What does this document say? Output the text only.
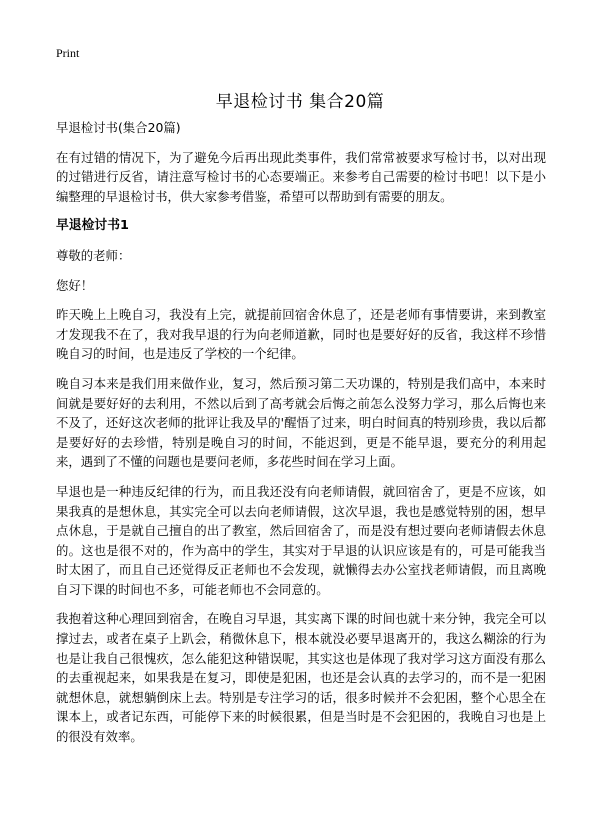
Print
早退检讨书 集合20篇

早退检讨书(集合20篇)

在有过错的情况下，为了避免今后再出现此类事件，我们常常被要求写检讨书，以对出现的过错进行反省，请注意写检讨书的心态要端正。来参考自己需要的检讨书吧！以下是小编整理的早退检讨书，供大家参考借鉴，希望可以帮助到有需要的朋友。

早退检讨书1

尊敬的老师：

您好！

昨天晚上上晚自习，我没有上完，就提前回宿舍休息了，还是老师有事情要讲，来到教室才发现我不在了，我对我早退的行为向老师道歉，同时也是要好好的反省，我这样不珍惜晚自习的时间，也是违反了学校的一个纪律。

晚自习本来是我们用来做作业，复习，然后预习第二天功课的，特别是我们高中，本来时间就是要好好的去利用，不然以后到了高考就会后悔之前怎么没努力学习，那么后悔也来不及了，还好这次老师的批评让我及早的'醒悟了过来，明白时间真的特别珍贵，我以后都是要好好的去珍惜，特别是晚自习的时间，不能迟到，更是不能早退，要充分的利用起来，遇到了不懂的问题也是要问老师，多花些时间在学习上面。

早退也是一种违反纪律的行为，而且我还没有向老师请假，就回宿舍了，更是不应该，如果我真的是想休息，其实完全可以去向老师请假，这次早退，我也是感觉特别的困，想早点休息，于是就自己擅自的出了教室，然后回宿舍了，而是没有想过要向老师请假去休息的。这也是很不对的，作为高中的学生，其实对于早退的认识应该是有的，可是可能我当时太困了，而且自己还觉得反正老师也不会发现，就懒得去办公室找老师请假，而且离晚自习下课的时间也不多，可能老师也不会同意的。

我抱着这种心理回到宿舍，在晚自习早退，其实离下课的时间也就十来分钟，我完全可以撑过去，或者在桌子上趴会，稍微休息下，根本就没必要早退离开的，我这么糊涂的行为也是让我自己很愧疚，怎么能犯这种错误呢，其实这也是体现了我对学习这方面没有那么的去重视起来，如果我是在复习，即使是犯困，也还是会认真的去学习的，而不是一犯困就想休息，就想躺倒床上去。特别是专注学习的话，很多时候并不会犯困，整个心思全在课本上，或者记东西，可能停下来的时候很累，但是当时是不会犯困的，我晚自习也是上的很没有效率。
